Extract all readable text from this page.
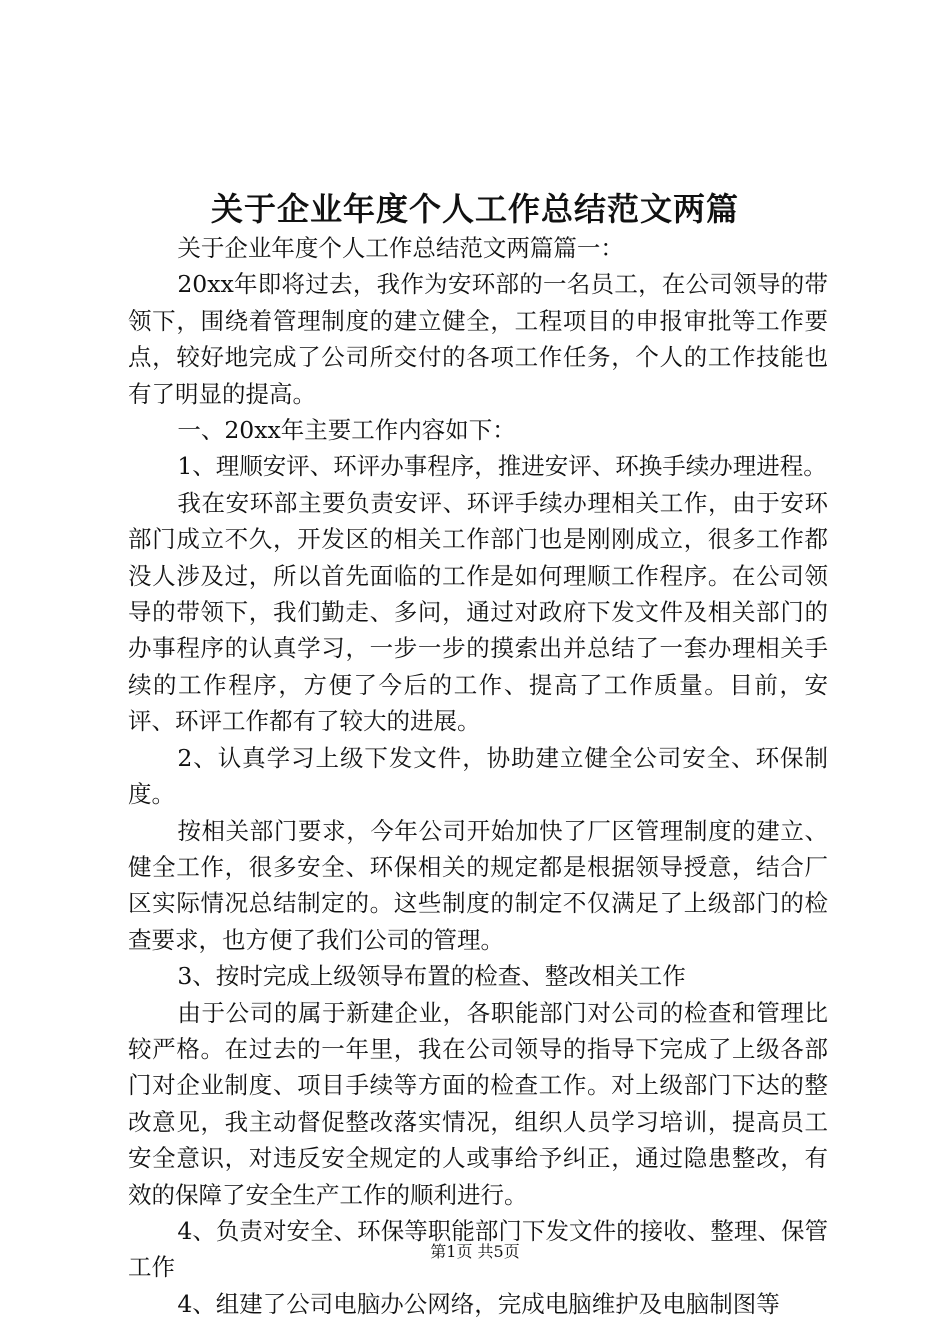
关于企业年度个人工作总结范文两篇

关于企业年度个人工作总结范文两篇篇一：

20xx年即将过去，我作为安环部的一名员工，在公司领导的带领下，围绕着管理制度的建立健全，工程项目的申报审批等工作要点，较好地完成了公司所交付的各项工作任务，个人的工作技能也有了明显的提高。

一、20xx年主要工作内容如下：

1、理顺安评、环评办事程序，推进安评、环换手续办理进程。

我在安环部主要负责安评、环评手续办理相关工作，由于安环部门成立不久，开发区的相关工作部门也是刚刚成立，很多工作都没人涉及过，所以首先面临的工作是如何理顺工作程序。在公司领导的带领下，我们勤走、多问，通过对政府下发文件及相关部门的办事程序的认真学习，一步一步的摸索出并总结了一套办理相关手续的工作程序，方便了今后的工作、提高了工作质量。目前，安评、环评工作都有了较大的进展。

2、认真学习上级下发文件，协助建立健全公司安全、环保制度。

按相关部门要求，今年公司开始加快了厂区管理制度的建立、健全工作，很多安全、环保相关的规定都是根据领导授意，结合厂区实际情况总结制定的。这些制度的制定不仅满足了上级部门的检查要求，也方便了我们公司的管理。

3、按时完成上级领导布置的检查、整改相关工作

由于公司的属于新建企业，各职能部门对公司的检查和管理比较严格。在过去的一年里，我在公司领导的指导下完成了上级各部门对企业制度、项目手续等方面的检查工作。对上级部门下达的整改意见，我主动督促整改落实情况，组织人员学习培训，提高员工安全意识，对违反安全规定的人或事给予纠正，通过隐患整改，有效的保障了安全生产工作的顺利进行。

4、负责对安全、环保等职能部门下发文件的接收、整理、保管工作

4、组建了公司电脑办公网络，完成电脑维护及电脑制图等

第1页 共5页
